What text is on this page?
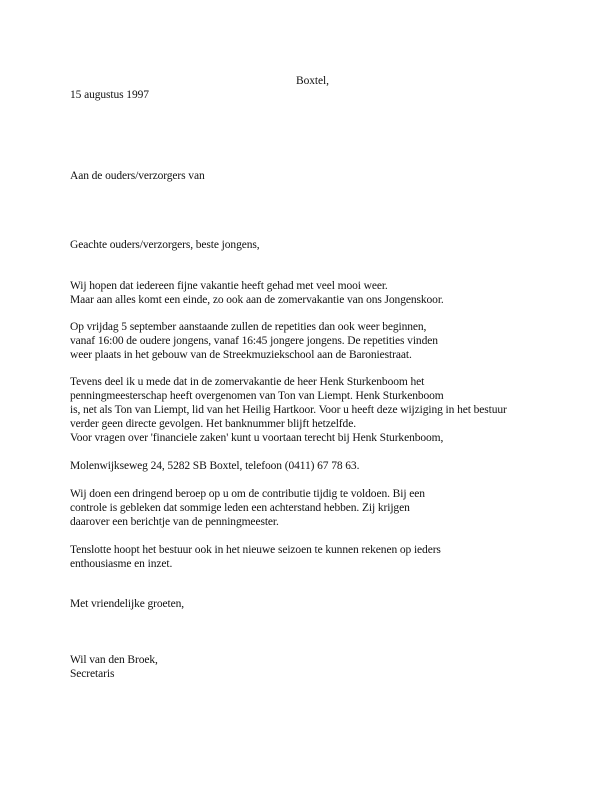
Boxtel,
15 augustus 1997
Aan de ouders/verzorgers van
Geachte ouders/verzorgers, beste jongens,
Wij hopen dat iedereen fijne vakantie heeft gehad met veel mooi weer.
Maar aan alles komt een einde, zo ook aan de zomervakantie van ons Jongenskoor.
Op vrijdag 5 september aanstaande zullen de repetities dan ook weer beginnen,
vanaf 16:00 de oudere jongens, vanaf 16:45 jongere jongens. De repetities vinden
weer plaats in het gebouw van de Streekmuziekschool aan de Baroniestraat.
Tevens deel ik u mede dat in de zomervakantie de heer Henk Sturkenboom het
penningmeesterschap heeft overgenomen van Ton van Liempt. Henk Sturkenboom
is, net als Ton van Liempt, lid van het Heilig Hartkoor. Voor u heeft deze wijziging in het bestuur
verder geen directe gevolgen. Het banknummer blijft hetzelfde.
Voor vragen over 'financiele zaken' kunt u voortaan terecht bij Henk Sturkenboom,
Molenwijkseweg 24, 5282 SB Boxtel, telefoon (0411) 67 78 63.
Wij doen een dringend beroep op u om de contributie tijdig te voldoen. Bij een
controle is gebleken dat sommige leden een achterstand hebben. Zij krijgen
daarover een berichtje van de penningmeester.
Tenslotte hoopt het bestuur ook in het nieuwe seizoen te kunnen rekenen op ieders
enthousiasme en inzet.
Met vriendelijke groeten,
Wil van den Broek,
Secretaris
